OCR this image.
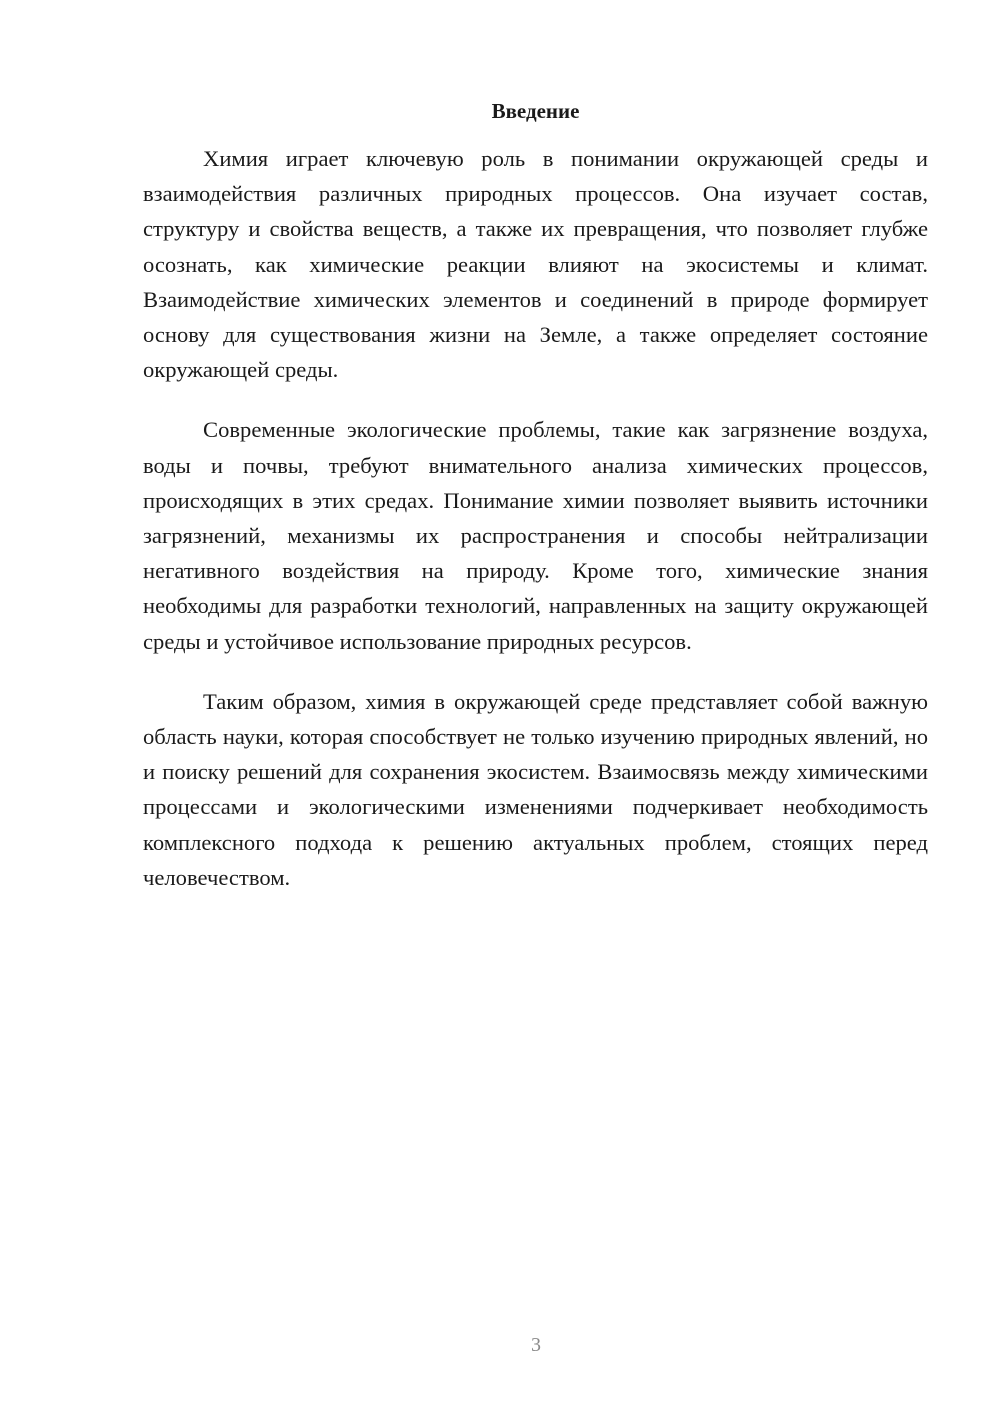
Введение

Химия играет ключевую роль в понимании окружающей среды и взаимодействия различных природных процессов. Она изучает состав, структуру и свойства веществ, а также их превращения, что позволяет глубже осознать, как химические реакции влияют на экосистемы и климат. Взаимодействие химических элементов и соединений в природе формирует основу для существования жизни на Земле, а также определяет состояние окружающей среды.

Современные экологические проблемы, такие как загрязнение воздуха, воды и почвы, требуют внимательного анализа химических процессов, происходящих в этих средах. Понимание химии позволяет выявить источники загрязнений, механизмы их распространения и способы нейтрализации негативного воздействия на природу. Кроме того, химические знания необходимы для разработки технологий, направленных на защиту окружающей среды и устойчивое использование природных ресурсов.

Таким образом, химия в окружающей среде представляет собой важную область науки, которая способствует не только изучению природных явлений, но и поиску решений для сохранения экосистем. Взаимосвязь между химическими процессами и экологическими изменениями подчеркивает необходимость комплексного подхода к решению актуальных проблем, стоящих перед человечеством.

3
